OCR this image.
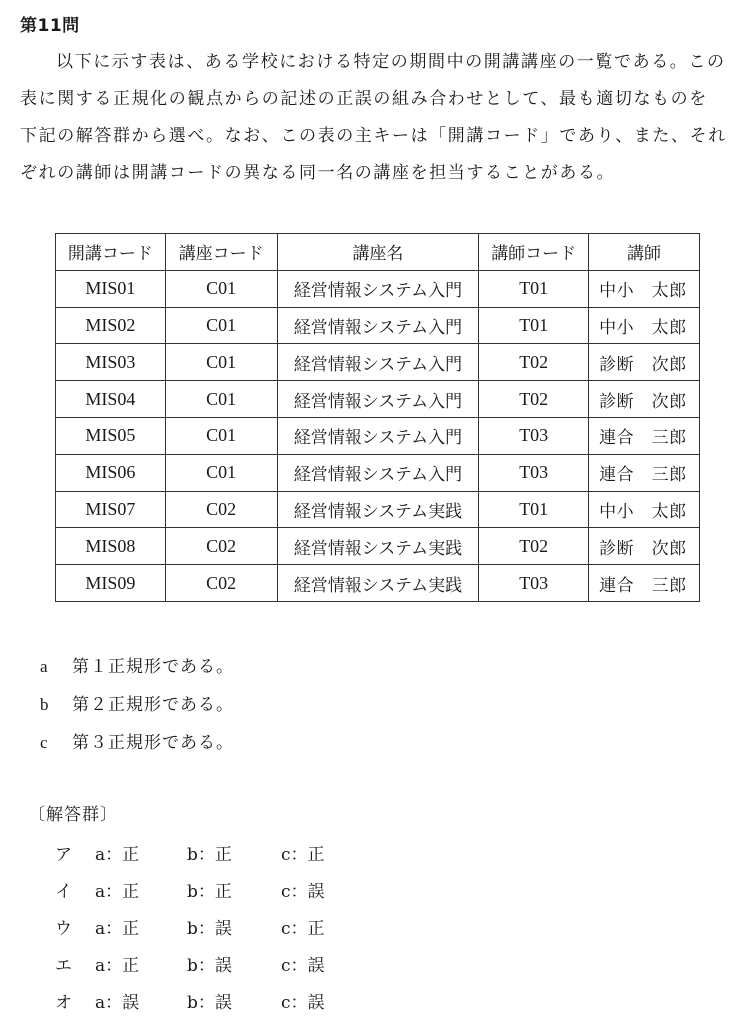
第11問
以下に示す表は、ある学校における特定の期間中の開講講座の一覧である。この
表に関する正規化の観点からの記述の正誤の組み合わせとして、最も適切なものを
下記の解答群から選べ。なお、この表の主キーは「開講コード」であり、また、それ
ぞれの講師は開講コードの異なる同一名の講座を担当することがある。
開講コード	講座コード	講座名	講師コード	講師
MIS01	C01	経営情報システム入門	T01	中小　太郎
MIS02	C01	経営情報システム入門	T01	中小　太郎
MIS03	C01	経営情報システム入門	T02	診断　次郎
MIS04	C01	経営情報システム入門	T02	診断　次郎
MIS05	C01	経営情報システム入門	T03	連合　三郎
MIS06	C01	経営情報システム入門	T03	連合　三郎
MIS07	C02	経営情報システム実践	T01	中小　太郎
MIS08	C02	経営情報システム実践	T02	診断　次郎
MIS09	C02	経営情報システム実践	T03	連合　三郎
a 第１正規形である。
b 第２正規形である。
c 第３正規形である。
〔解答群〕
ア a：正	b：正	c：正
イ a：正	b：正	c：誤
ウ a：正	b：誤	c：正
エ a：正	b：誤	c：誤
オ a：誤	b：誤	c：誤
